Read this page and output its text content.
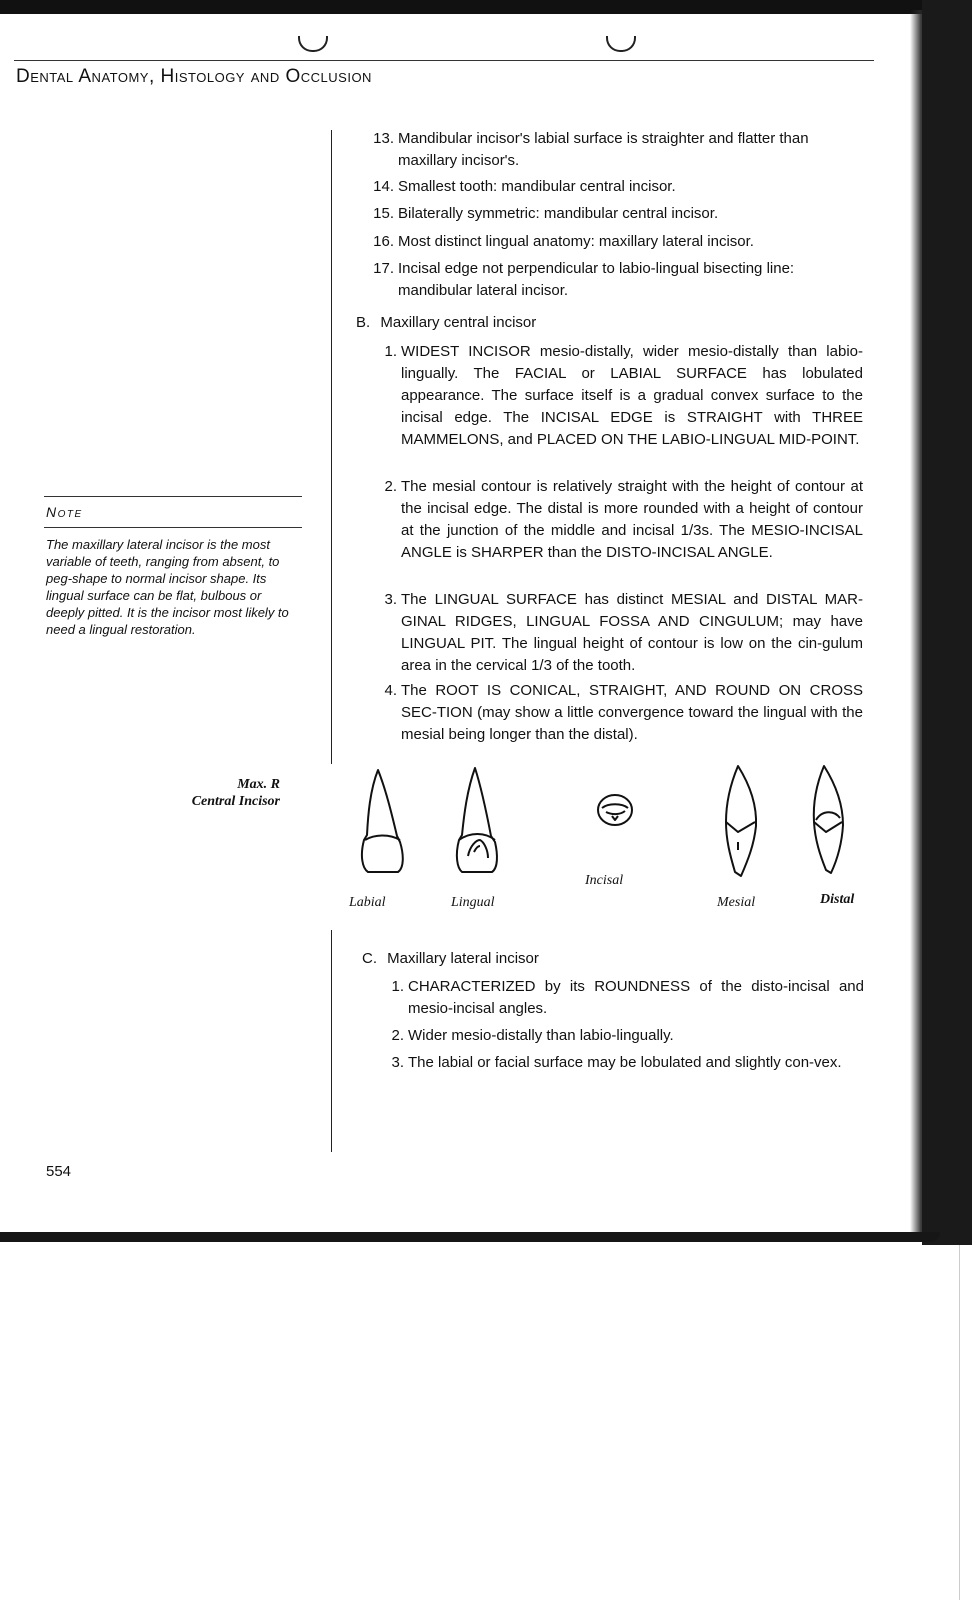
Dental Anatomy, Histology and Occlusion
13. Mandibular incisor's labial surface is straighter and flatter than maxillary incisor's.
14. Smallest tooth: mandibular central incisor.
15. Bilaterally symmetric: mandibular central incisor.
16. Most distinct lingual anatomy: maxillary lateral incisor.
17. Incisal edge not perpendicular to labio-lingual bisecting line: mandibular lateral incisor.
B. Maxillary central incisor
1. WIDEST INCISOR mesio-distally, wider mesio-distally than labio-lingually. The FACIAL or LABIAL SURFACE has lobulated appearance. The surface itself is a gradual convex surface to the incisal edge. The INCISAL EDGE is STRAIGHT with THREE MAMMELONS, and PLACED ON THE LABIO-LINGUAL MID-POINT.
2. The mesial contour is relatively straight with the height of contour at the incisal edge. The distal is more rounded with a height of contour at the junction of the middle and incisal 1/3s. The MESIO-INCISAL ANGLE is SHARPER than the DISTO-INCISAL ANGLE.
3. The LINGUAL SURFACE has distinct MESIAL and DISTAL MAR-GINAL RIDGES, LINGUAL FOSSA AND CINGULUM; may have LINGUAL PIT. The lingual height of contour is low on the cin-gulum area in the cervical 1/3 of the tooth.
4. The ROOT IS CONICAL, STRAIGHT, AND ROUND ON CROSS SEC-TION (may show a little convergence toward the lingual with the mesial being longer than the distal).
Note
The maxillary lateral incisor is the most variable of teeth, ranging from absent, to peg-shape to normal incisor shape. Its lingual surface can be flat, bulbous or deeply pitted. It is the incisor most likely to need a lingual restoration.
Max. R
Central Incisor
Labial	Lingual
Incisal
Mesial	Distal
C. Maxillary lateral incisor
1. CHARACTERIZED by its ROUNDNESS of the disto-incisal and mesio-incisal angles.
2. Wider mesio-distally than labio-lingually.
3. The labial or facial surface may be lobulated and slightly con-vex.
554
